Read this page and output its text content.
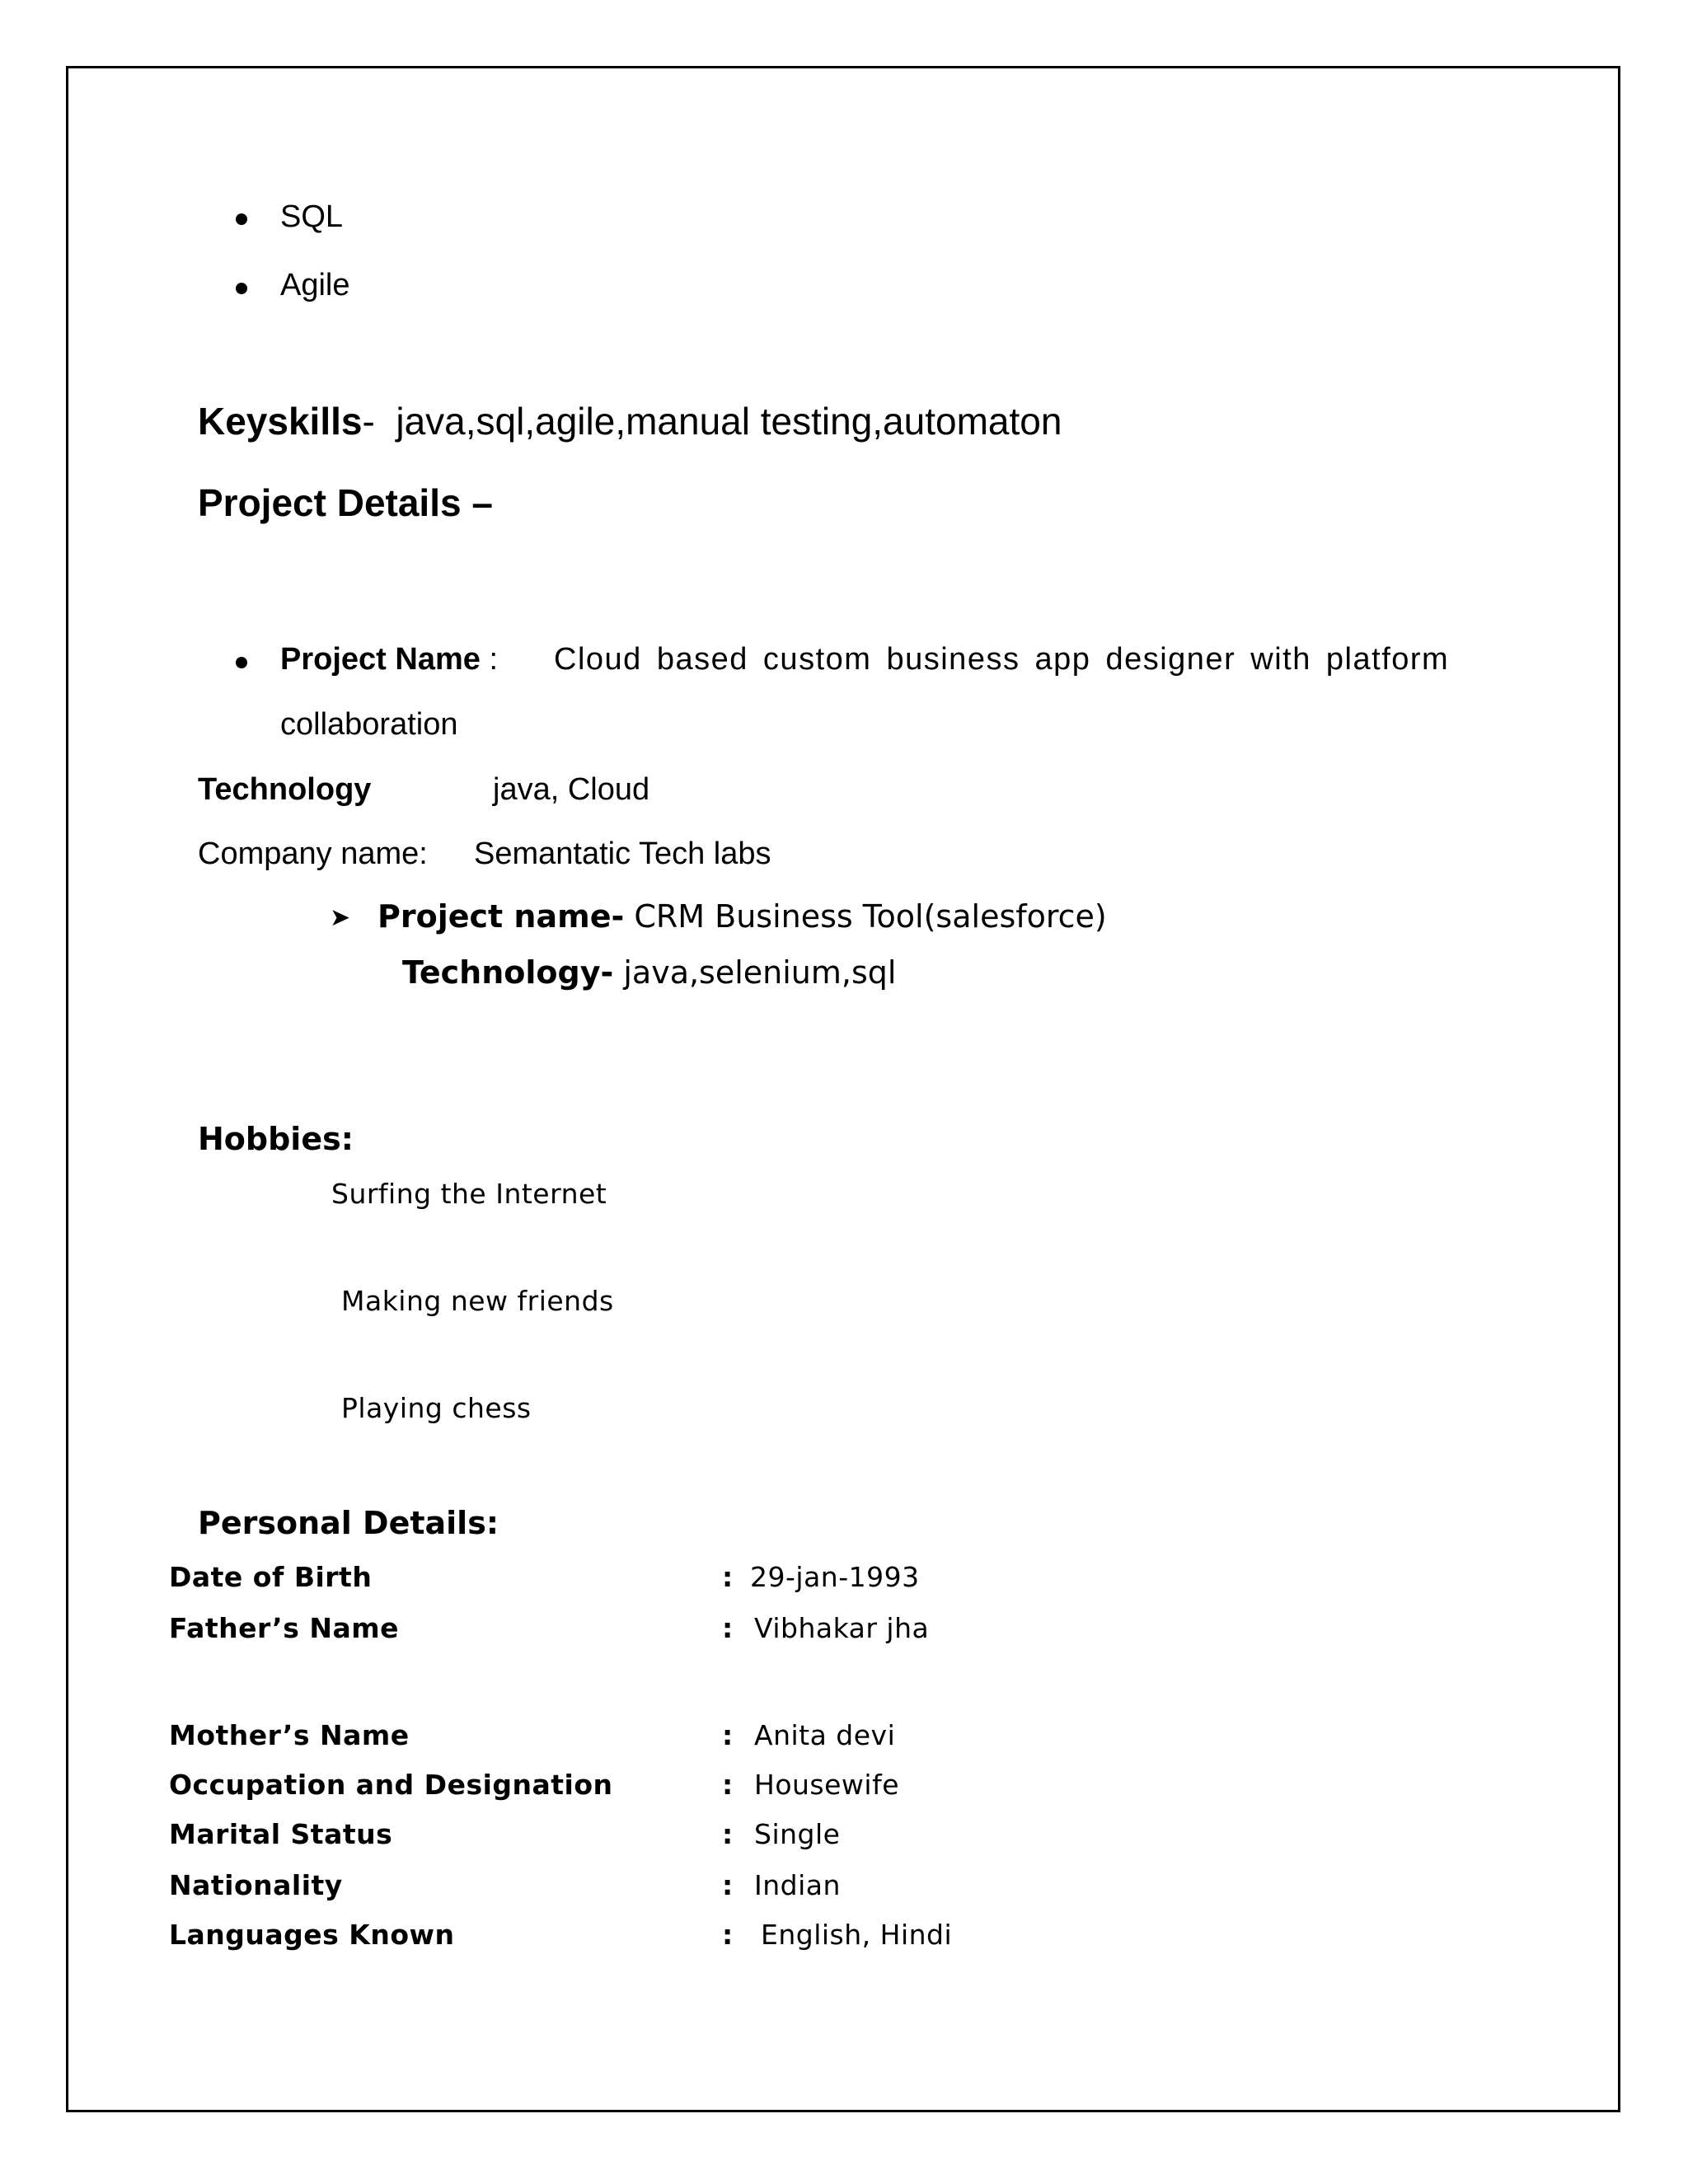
SQL
Agile
Keyskills- java,sql,agile,manual testing,automaton
Project Details –
Project Name : Cloud based custom business app designer with platform
collaboration
Technology	java, Cloud
Company name: Semantatic Tech labs
➤ Project name- CRM Business Tool(salesforce)
Technology- java,selenium,sql
Hobbies:
Surfing the Internet
Making new friends
Playing chess
Personal Details:
Date of Birth	: 29-jan-1993
Father’s Name	: Vibhakar jha
Mother’s Name	: Anita devi
Occupation and Designation	: Housewife
Marital Status	: Single
Nationality	: Indian
Languages Known	: English, Hindi
